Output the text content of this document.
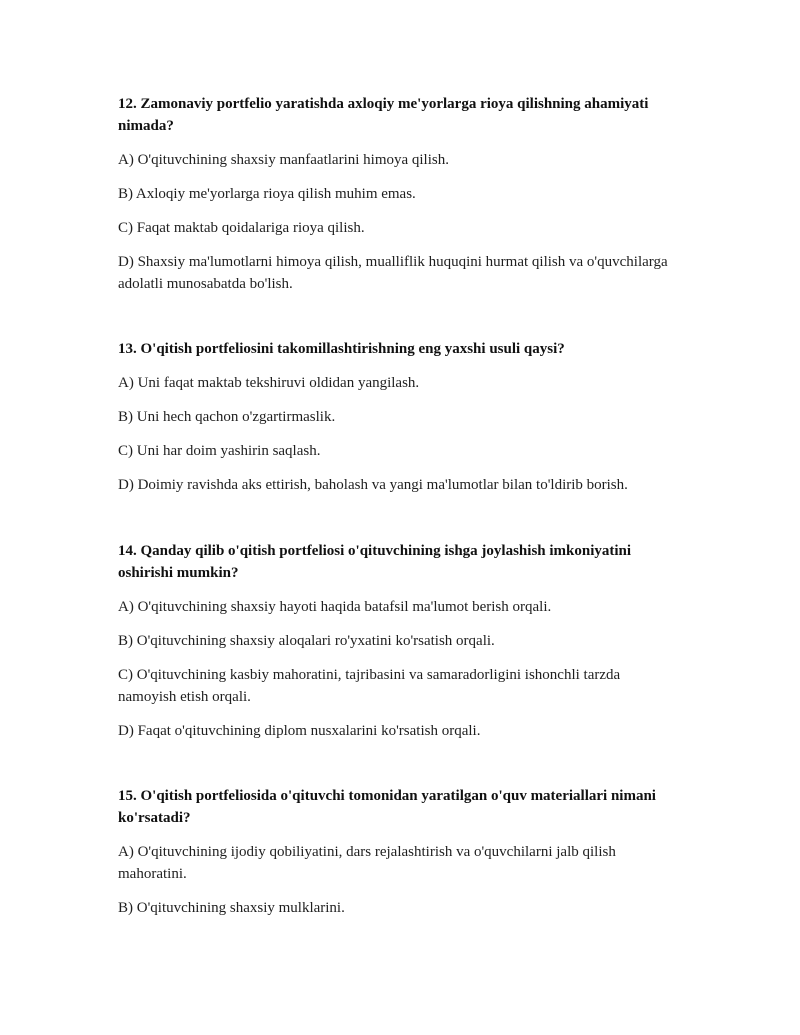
12. Zamonaviy portfelio yaratishda axloqiy me'yorlarga rioya qilishning ahamiyati nimada?

A) O'qituvchining shaxsiy manfaatlarini himoya qilish.

B) Axloqiy me'yorlarga rioya qilish muhim emas.

C) Faqat maktab qoidalariga rioya qilish.

D) Shaxsiy ma'lumotlarni himoya qilish, mualliflik huquqini hurmat qilish va o'quvchilarga adolatli munosabatda bo'lish.

13. O'qitish portfeliosini takomillashtirishning eng yaxshi usuli qaysi?

A) Uni faqat maktab tekshiruvi oldidan yangilash.

B) Uni hech qachon o'zgartirmaslik.

C) Uni har doim yashirin saqlash.

D) Doimiy ravishda aks ettirish, baholash va yangi ma'lumotlar bilan to'ldirib borish.

14. Qanday qilib o'qitish portfeliosi o'qituvchining ishga joylashish imkoniyatini oshirishi mumkin?

A) O'qituvchining shaxsiy hayoti haqida batafsil ma'lumot berish orqali.

B) O'qituvchining shaxsiy aloqalari ro'yxatini ko'rsatish orqali.

C) O'qituvchining kasbiy mahoratini, tajribasini va samaradorligini ishonchli tarzda namoyish etish orqali.

D) Faqat o'qituvchining diplom nusxalarini ko'rsatish orqali.

15. O'qitish portfeliosida o'qituvchi tomonidan yaratilgan o'quv materiallari nimani ko'rsatadi?

A) O'qituvchining ijodiy qobiliyatini, dars rejalashtirish va o'quvchilarni jalb qilish mahoratini.

B) O'qituvchining shaxsiy mulklarini.
